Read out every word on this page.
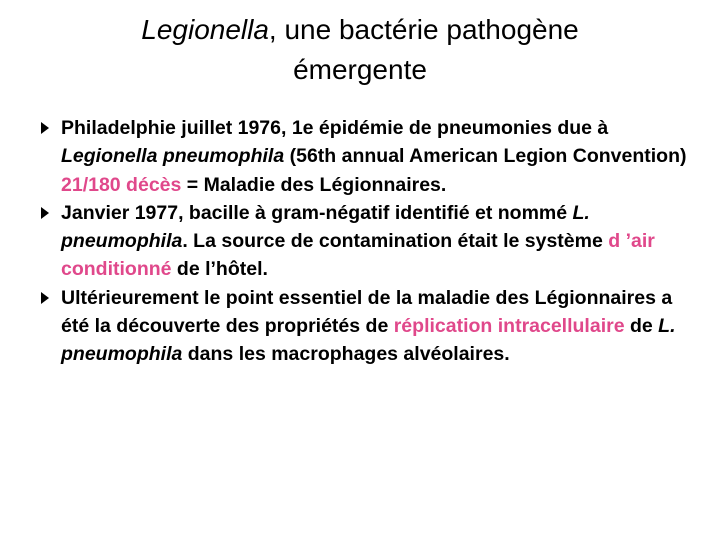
Legionella, une bactérie pathogène
émergente
Philadelphie juillet 1976, 1e épidémie de pneumonies due à Legionella pneumophila (56th annual American Legion Convention) 21/180 décès = Maladie des Légionnaires.
Janvier 1977, bacille à gram-négatif identifié et nommé L. pneumophila. La source de contamination était le système d ’air conditionné de l’hôtel.
Ultérieurement le point essentiel de la maladie des Légionnaires a été la découverte des propriétés de réplication intracellulaire de L. pneumophila dans les macrophages alvéolaires.
